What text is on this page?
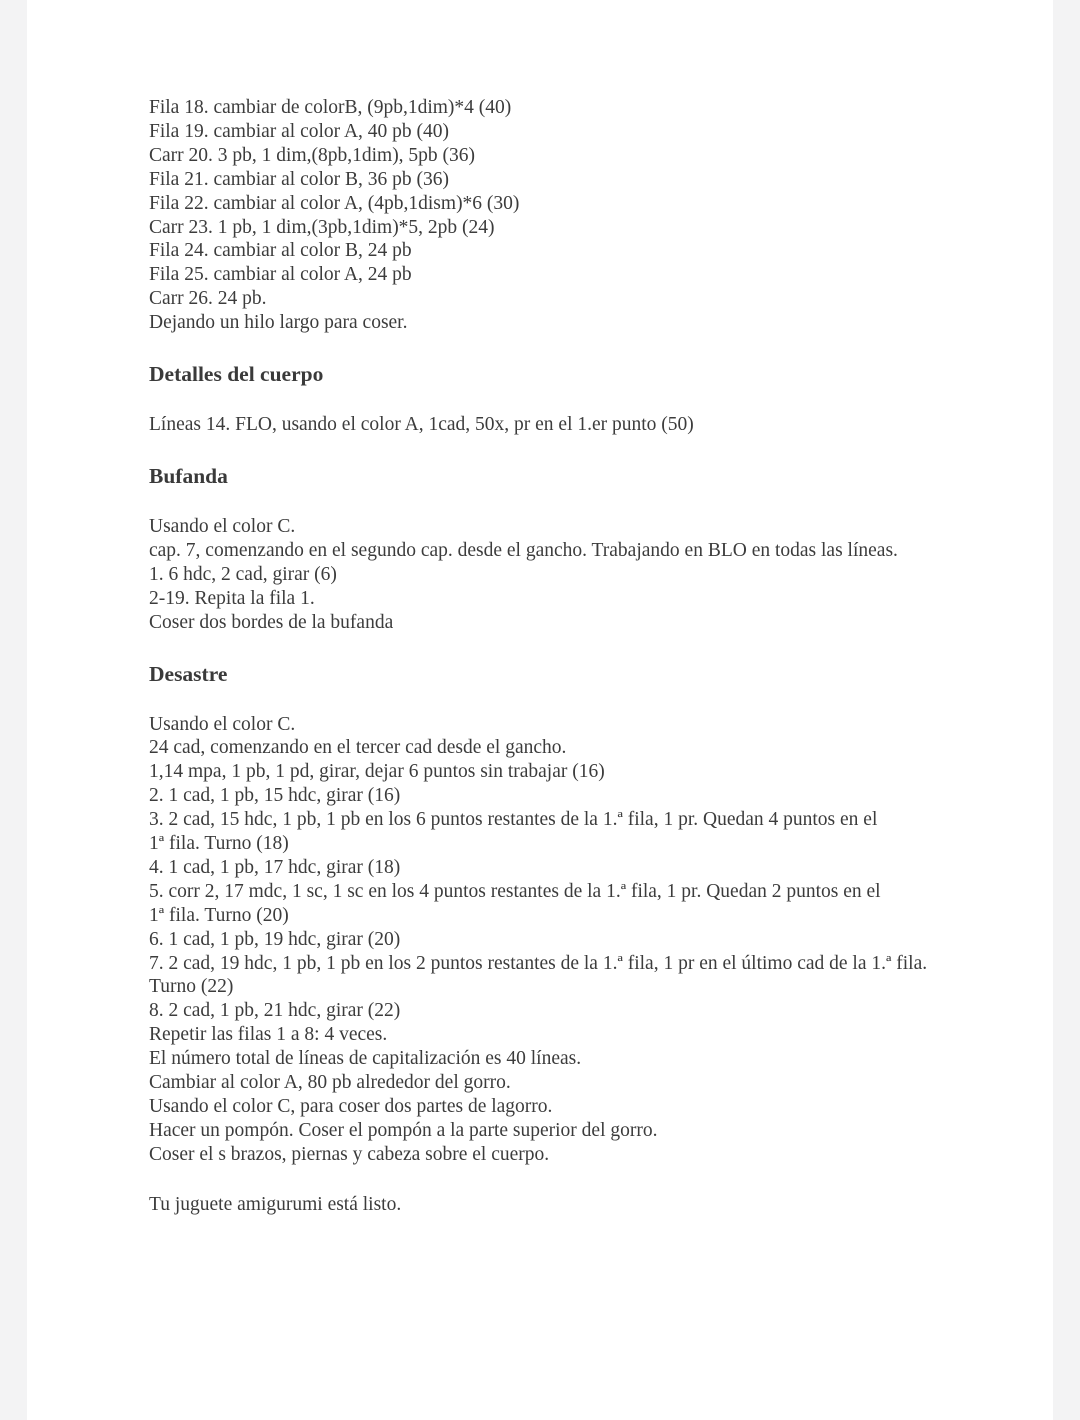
Fila 18. cambiar de colorB, (9pb,1dim)*4 (40)
Fila 19. cambiar al color A, 40 pb (40)
Carr 20. 3 pb, 1 dim,(8pb,1dim), 5pb (36)
Fila 21. cambiar al color B, 36 pb (36)
Fila 22. cambiar al color A, (4pb,1dism)*6 (30)
Carr 23. 1 pb, 1 dim,(3pb,1dim)*5, 2pb (24)
Fila 24. cambiar al color B, 24 pb
Fila 25. cambiar al color A, 24 pb
Carr 26. 24 pb.
Dejando un hilo largo para coser.
Detalles del cuerpo
Líneas 14. FLO, usando el color A, 1cad, 50x, pr en el 1.er punto (50)
Bufanda
Usando el color C.
cap. 7, comenzando en el segundo cap. desde el gancho. Trabajando en BLO en todas las líneas.
1. 6 hdc, 2 cad, girar (6)
2-19. Repita la fila 1.
Coser dos bordes de la bufanda
Desastre
Usando el color C.
24 cad, comenzando en el tercer cad desde el gancho.
1,14 mpa, 1 pb, 1 pd, girar, dejar 6 puntos sin trabajar (16)
2. 1 cad, 1 pb, 15 hdc, girar (16)
3. 2 cad, 15 hdc, 1 pb, 1 pb en los 6 puntos restantes de la 1.ª fila, 1 pr. Quedan 4 puntos en el
1ª fila. Turno (18)
4. 1 cad, 1 pb, 17 hdc, girar (18)
5. corr 2, 17 mdc, 1 sc, 1 sc en los 4 puntos restantes de la 1.ª fila, 1 pr. Quedan 2 puntos en el
1ª fila. Turno (20)
6. 1 cad, 1 pb, 19 hdc, girar (20)
7. 2 cad, 19 hdc, 1 pb, 1 pb en los 2 puntos restantes de la 1.ª fila, 1 pr en el último cad de la 1.ª fila.
Turno (22)
8. 2 cad, 1 pb, 21 hdc, girar (22)
Repetir las filas 1 a 8: 4 veces.
El número total de líneas de capitalización es 40 líneas.
Cambiar al color A, 80 pb alrededor del gorro.
Usando el color C, para coser dos partes de lagorro.
Hacer un pompón. Coser el pompón a la parte superior del gorro.
Coser el s brazos, piernas y cabeza sobre el cuerpo.
Tu juguete amigurumi está listo.
